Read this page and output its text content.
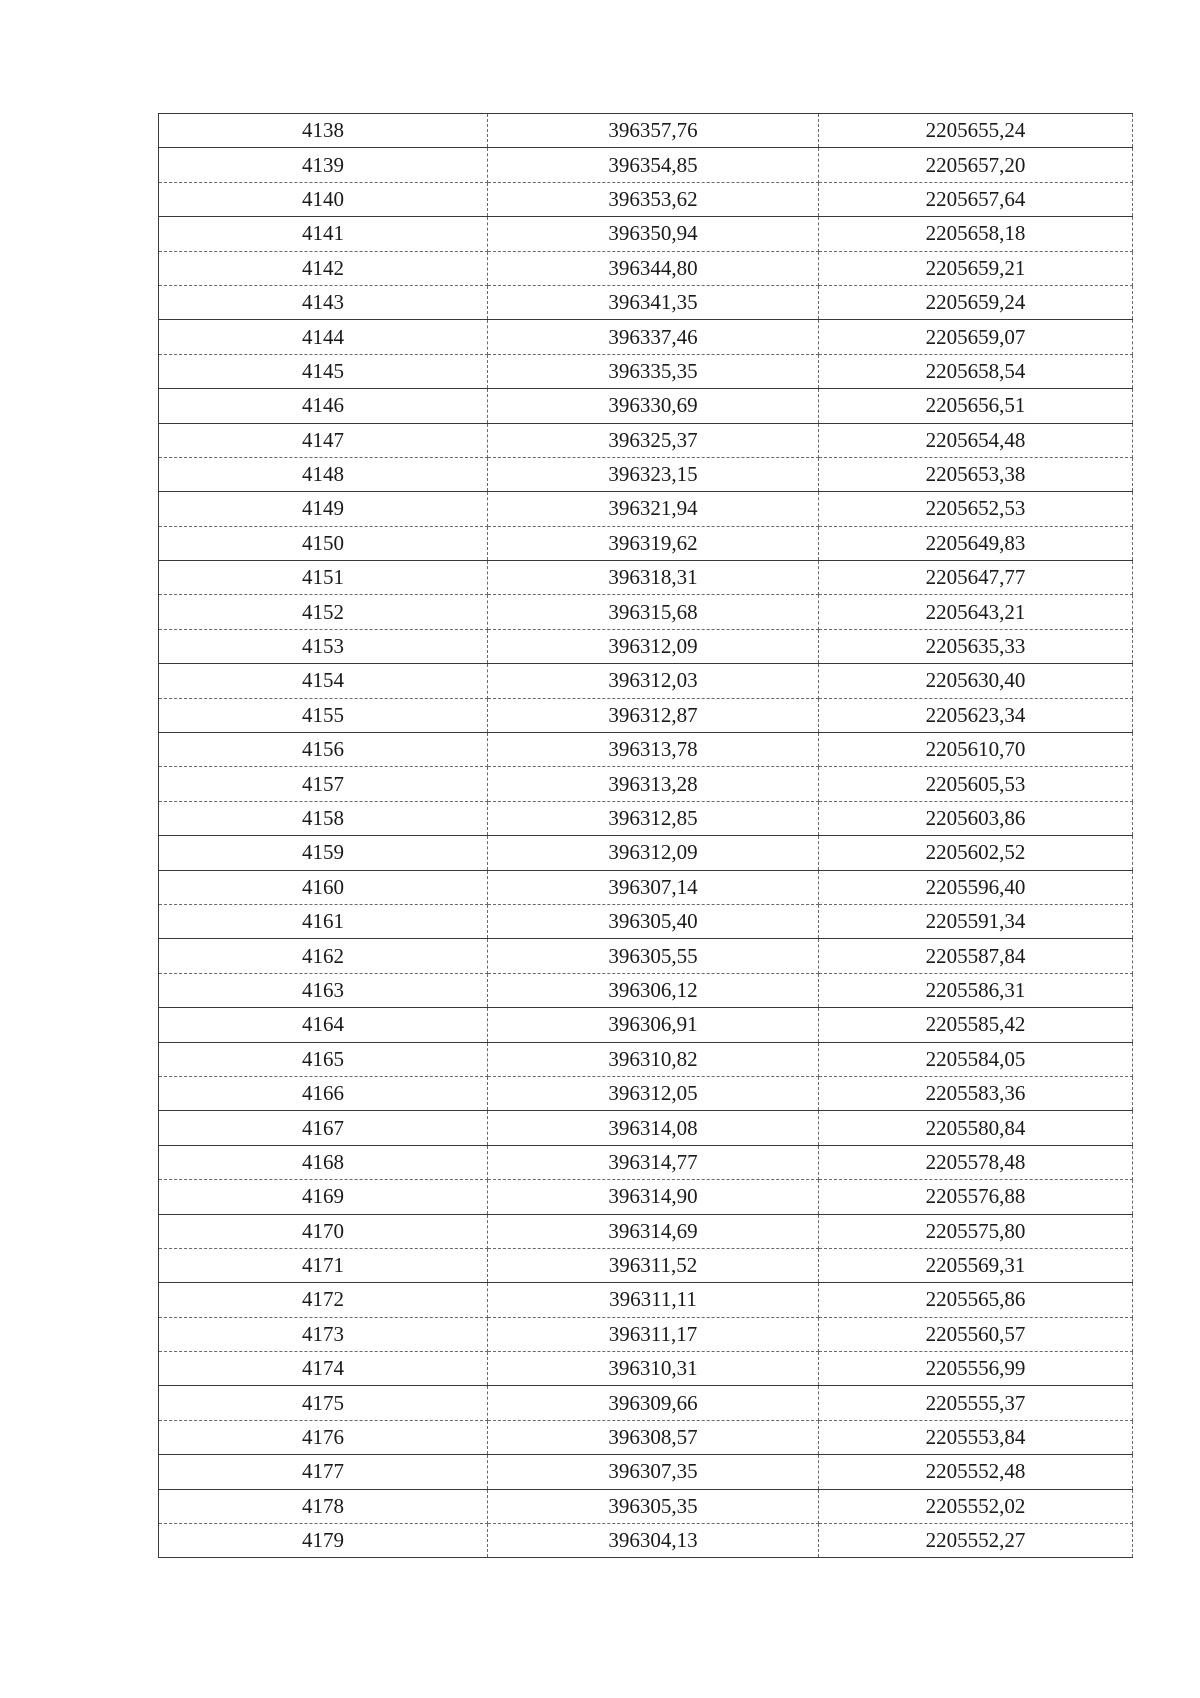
4138	396357,76	2205655,24
4139	396354,85	2205657,20
4140	396353,62	2205657,64
4141	396350,94	2205658,18
4142	396344,80	2205659,21
4143	396341,35	2205659,24
4144	396337,46	2205659,07
4145	396335,35	2205658,54
4146	396330,69	2205656,51
4147	396325,37	2205654,48
4148	396323,15	2205653,38
4149	396321,94	2205652,53
4150	396319,62	2205649,83
4151	396318,31	2205647,77
4152	396315,68	2205643,21
4153	396312,09	2205635,33
4154	396312,03	2205630,40
4155	396312,87	2205623,34
4156	396313,78	2205610,70
4157	396313,28	2205605,53
4158	396312,85	2205603,86
4159	396312,09	2205602,52
4160	396307,14	2205596,40
4161	396305,40	2205591,34
4162	396305,55	2205587,84
4163	396306,12	2205586,31
4164	396306,91	2205585,42
4165	396310,82	2205584,05
4166	396312,05	2205583,36
4167	396314,08	2205580,84
4168	396314,77	2205578,48
4169	396314,90	2205576,88
4170	396314,69	2205575,80
4171	396311,52	2205569,31
4172	396311,11	2205565,86
4173	396311,17	2205560,57
4174	396310,31	2205556,99
4175	396309,66	2205555,37
4176	396308,57	2205553,84
4177	396307,35	2205552,48
4178	396305,35	2205552,02
4179	396304,13	2205552,27
